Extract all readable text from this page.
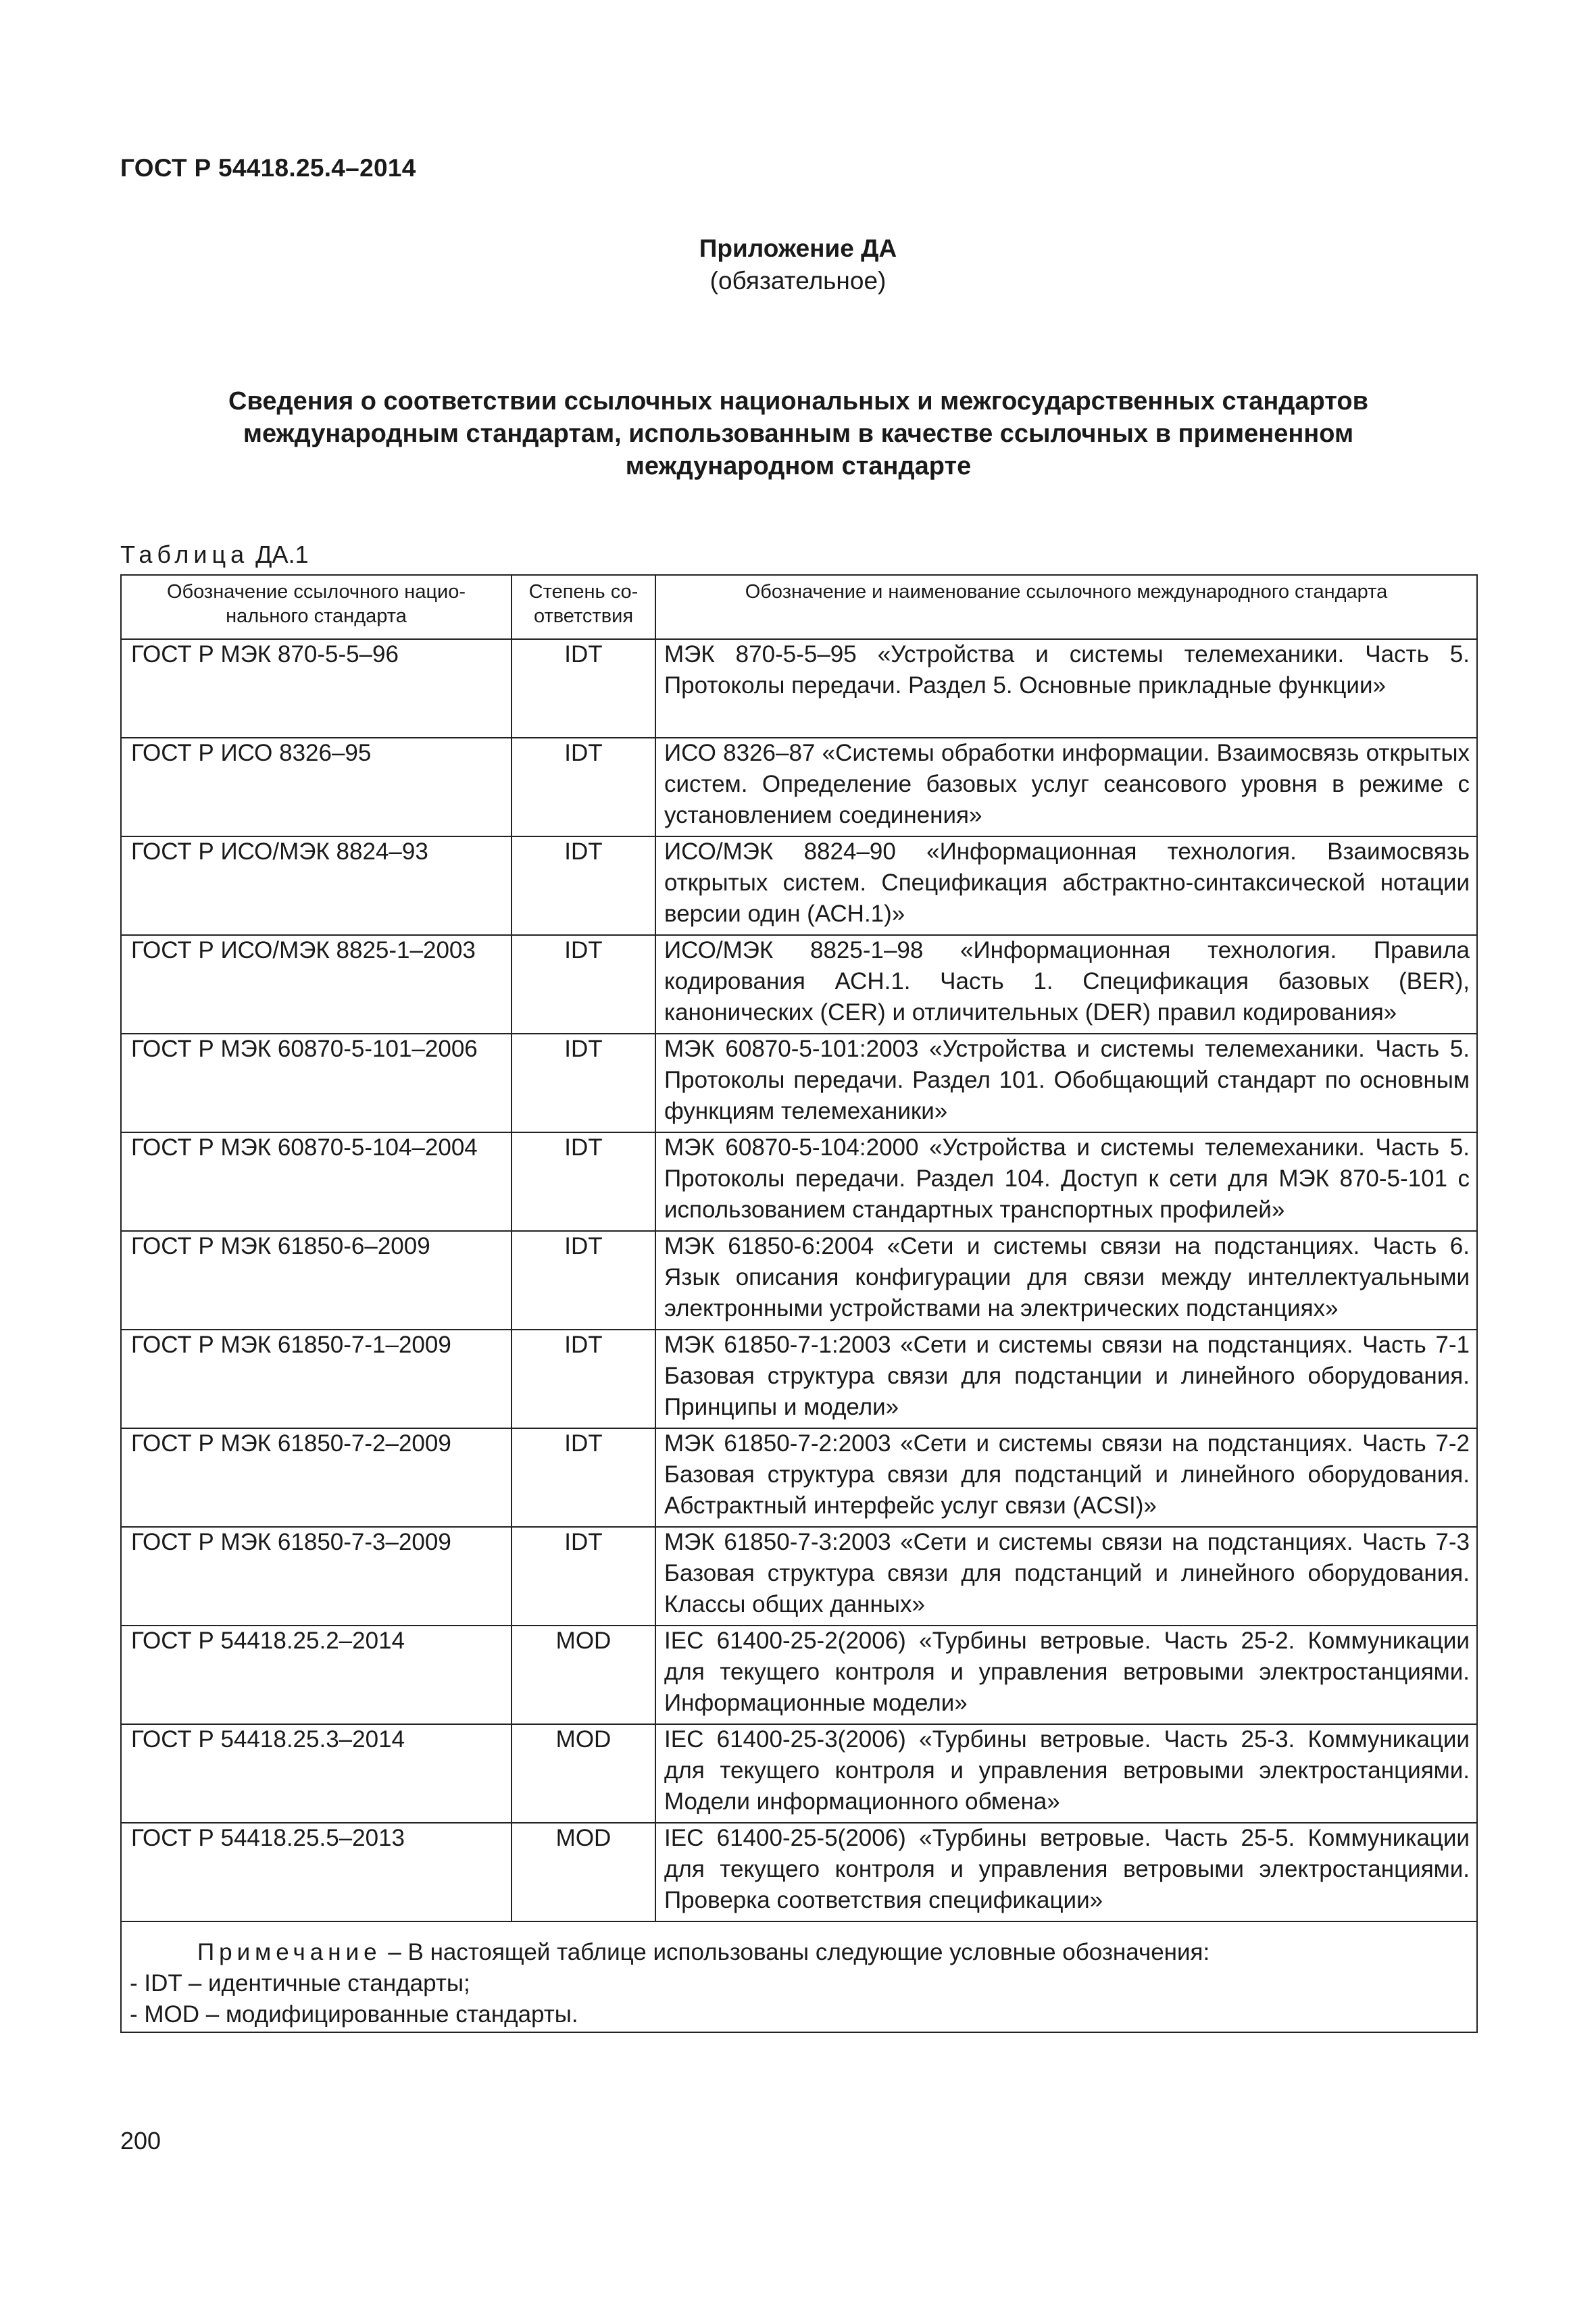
ГОСТ Р 54418.25.4–2014
Приложение ДА
(обязательное)
Сведения о соответствии ссылочных национальных и межгосударственных стандартов
международным стандартам, использованным в качестве ссылочных в примененном
международном стандарте
Таблица ДА.1
Обозначение ссылочного нацио-нального стандарта	Степень со-ответствия	Обозначение и наименование ссылочного международного стандарта

ГОСТ Р МЭК 870-5-5–96	IDT	МЭК 870-5-5–95 «Устройства и системы телемеханики. Часть 5. Протоколы передачи. Раздел 5. Основные прикладные функции»

ГОСТ Р ИСО 8326–95	IDT	ИСО 8326–87 «Системы обработки информации. Взаимосвязь открытых систем. Определение базовых услуг сеансового уровня в режиме с установлением соединения»

ГОСТ Р ИСО/МЭК 8824–93	IDT	ИСО/МЭК 8824–90 «Информационная технология. Взаимосвязь открытых систем. Спецификация абстрактно-синтаксической нотации версии один (АСН.1)»

ГОСТ Р ИСО/МЭК 8825-1–2003	IDT	ИСО/МЭК 8825-1–98 «Информационная технология. Правила кодирования АСН.1. Часть 1. Спецификация базовых (BER), канонических (CER) и отличительных (DER) правил кодирования»

ГОСТ Р МЭК 60870-5-101–2006	IDT	МЭК 60870-5-101:2003 «Устройства и системы телемеханики. Часть 5. Протоколы передачи. Раздел 101. Обобщающий стандарт по основным функциям телемеханики»

ГОСТ Р МЭК 60870-5-104–2004	IDT	МЭК 60870-5-104:2000 «Устройства и системы телемеханики. Часть 5. Протоколы передачи. Раздел 104. Доступ к сети для МЭК 870-5-101 с использованием стандартных транспортных профилей»

ГОСТ Р МЭК 61850-6–2009	IDT	МЭК 61850-6:2004 «Сети и системы связи на подстанциях. Часть 6. Язык описания конфигурации для связи между интеллектуальными электронными устройствами на электрических подстанциях»

ГОСТ Р МЭК 61850-7-1–2009	IDT	МЭК 61850-7-1:2003 «Сети и системы связи на подстанциях. Часть 7-1 Базовая структура связи для подстанции и линейного оборудования. Принципы и модели»

ГОСТ Р МЭК 61850-7-2–2009	IDT	МЭК 61850-7-2:2003 «Сети и системы связи на подстанциях. Часть 7-2 Базовая структура связи для подстанций и линейного оборудования. Абстрактный интерфейс услуг связи (ACSI)»

ГОСТ Р МЭК 61850-7-3–2009	IDT	МЭК 61850-7-3:2003 «Сети и системы связи на подстанциях. Часть 7-3 Базовая структура связи для подстанций и линейного оборудования. Классы общих данных»

ГОСТ Р 54418.25.2–2014	MOD	IEC 61400-25-2(2006) «Турбины ветровые. Часть 25-2. Коммуникации для текущего контроля и управления ветровыми электростанциями. Информационные модели»

ГОСТ Р 54418.25.3–2014	MOD	IEC 61400-25-3(2006) «Турбины ветровые. Часть 25-3. Коммуникации для текущего контроля и управления ветровыми электростанциями. Модели информационного обмена»

ГОСТ Р 54418.25.5–2013	MOD	IEC 61400-25-5(2006) «Турбины ветровые. Часть 25-5. Коммуникации для текущего контроля и управления ветровыми электростанциями. Проверка соответствия спецификации»

Примечание – В настоящей таблице использованы следующие условные обозначения:
- IDT – идентичные стандарты;
- MOD – модифицированные стандарты.		
200
